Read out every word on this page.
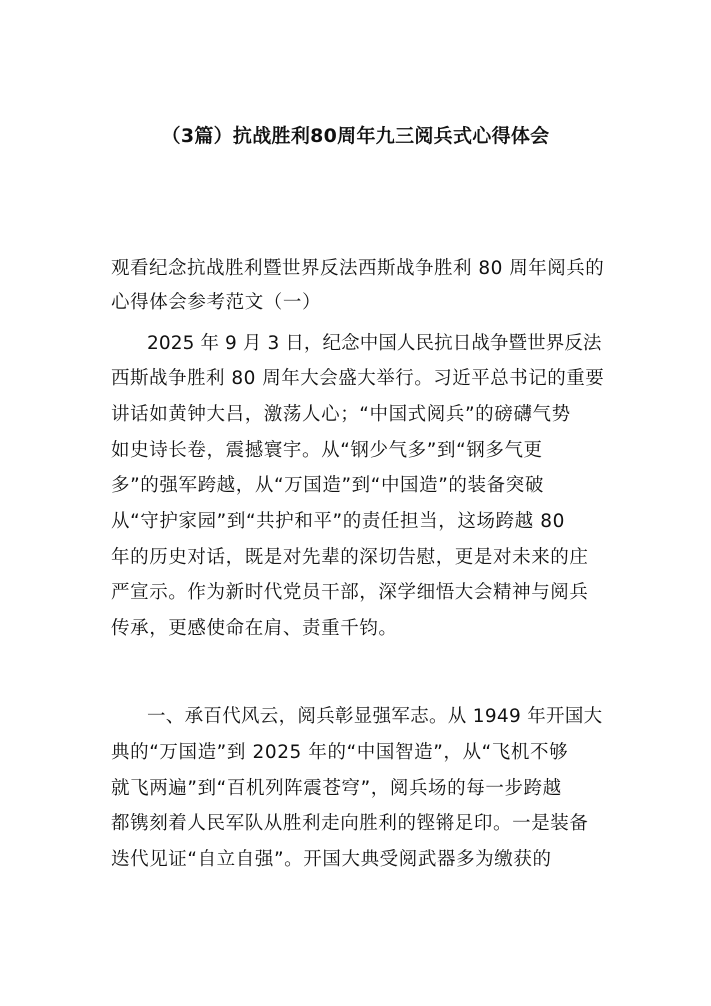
（3篇）抗战胜利80周年九三阅兵式心得体会
观看纪念抗战胜利暨世界反法西斯战争胜利 80 周年阅兵的
心得体会参考范文（一）
2025 年 9 月 3 日，纪念中国人民抗日战争暨世界反法
西斯战争胜利 80 周年大会盛大举行。习近平总书记的重要
讲话如黄钟大吕，激荡人心；“中国式阅兵”的磅礴气势
如史诗长卷，震撼寰宇。从“钢少气多”到“钢多气更
多”的强军跨越，从“万国造”到“中国造”的装备突破
从“守护家园”到“共护和平”的责任担当，这场跨越 80
年的历史对话，既是对先辈的深切告慰，更是对未来的庄
严宣示。作为新时代党员干部，深学细悟大会精神与阅兵
传承，更感使命在肩、责重千钧。
一、承百代风云，阅兵彰显强军志。从 1949 年开国大
典的“万国造”到 2025 年的“中国智造”，从“飞机不够
就飞两遍”到“百机列阵震苍穹”，阅兵场的每一步跨越
都镌刻着人民军队从胜利走向胜利的铿锵足印。一是装备
迭代见证“自立自强”。开国大典受阅武器多为缴获的
